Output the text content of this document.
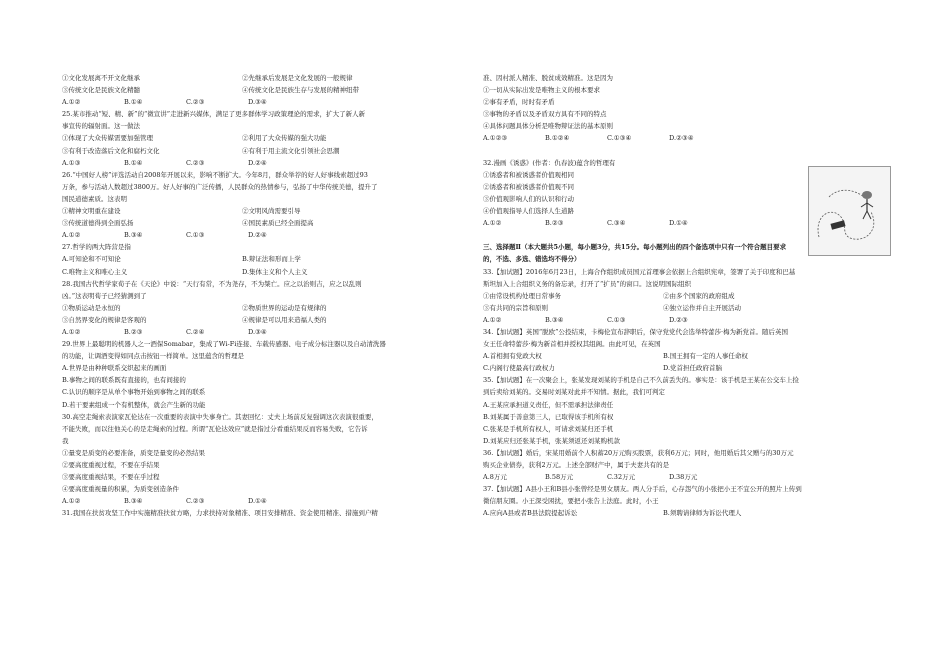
①文化发展离不开文化继承	②先继承后发展是文化发展的一般规律
③传统文化是民族文化精髓	④传统文化是民族生存与发展的精神纽带
A.①②	B.①④	C.②③	D.③④
25.某市推动“短、精、新”的“微宣讲”走进新兴媒体，满足了更多群体学习政策理论的需求，扩大了新人新
事宣传的辐射面。这一做法
①体现了大众传媒需要加强管理	②利用了大众传媒的强大功能
③有利于改造落后文化和腐朽文化	④有利于用主流文化引领社会思潮
A.①③	B.①④	C.②③	D.②④
26.“中国好人榜”评选活动自2008年开展以来，影响不断扩大。今年8月，群众举荐的好人好事线索超过93
万条，参与活动人数超过3800万。好人好事的广泛传播，人民群众的热情参与，弘扬了中华传统美德，提升了
国民道德素质。这表明
①精神文明重在建设	②文明风尚需要引导
③传统道德得到全面弘扬	④国民素质已经全面提高
A.①②	B.③④	C.①③	D.②④
27.哲学的两大阵营是指
A.可知论和不可知论	B.辩证法和形而上学
C.唯物主义和唯心主义	D.集体主义和个人主义
28.我国古代哲学家荀子在《天论》中说：“天行有常，不为尧存，不为桀亡。应之以治则吉，应之以乱则
凶。”这表明荀子已经猜测到了
①物质运动是永恒的	②物质世界的运动是有规律的
③自然界变化的规律是客观的	④规律是可以用来造福人类的
A.①②	B.②③	C.②④	D.③④
29.世界上最聪明的机器人之一酒保Somabar，集成了Wi-Fi连接、车载传感器、电子成分标注器以及自动清洗器
的功能，让调酒变得如同点击按钮一样简单。这里蕴含的哲理是
A.世界是由种种联系交织起来的画面
B.事物之间的联系既有直接的，也有间接的
C.认识的顺序是从单个事物开始到事物之间的联系
D.若干要素组成一个有机整体，就会产生新的功能
30.高空走绳索表演家瓦伦达在一次重要的表演中失事身亡。其妻回忆：丈夫上场前反复强调这次表演很重要，
不能失败，而以往他关心的是走绳索的过程。所谓“瓦伦达效应”就是指过分看重结果反而容易失败，它告诉
我
①量变是质变的必要准备，质变是量变的必然结果
②要高度重视过程，不要在乎结果
③要高度重视结果，不要在乎过程
④要高度重视量的积累，为质变创造条件
A.①②	B.③④	C.②③	D.①④
31.我国在扶贫攻坚工作中实施精准扶贫方略，力求扶持对象精准、项目安排精准、资金使用精准、措施到户精
准、因村派人精准、脱贫成效精准。这是因为
①一切从实际出发是唯物主义的根本要求
②事有矛盾，时时有矛盾
③事物的矛盾以及矛盾双方具有不同的特点
④具体问题具体分析是唯物辩证法的基本原则
A.①②③	B.①②④	C.①③④	D.②③④
32.漫画《诱惑》(作者：仇春波)蕴含的哲理有
①诱惑者和被诱惑者价值观相同
②诱惑者和被诱惑者价值观不同
③价值观影响人们的认识和行动
④价值观指导人们选择人生道路
A.①②	B.②③	C.③④	D.①④
三、选择题Ⅱ（本大题共5小题，每小题3分，共15分。每小题列出的四个备选项中只有一个符合题目要求
的，不选、多选、错选均不得分）
33.【加试题】2016年6月23日，上海合作组织成员国元首理事会依据上合组织宪章，签署了关于印度和巴基
斯坦加入上合组织义务的备忘录，打开了“扩员”的窗口。这说明国际组织
①由常设机构处理日常事务	②由多个国家的政府组成
③有共同的宗旨和原则	④独立运作并自主开展活动
A.①②	B.③④	C.①③	D.②③
34.【加试题】英国“脱欧”公投结束，卡梅伦宣布辞职后，保守党党代会选举特蕾莎·梅为新党首。随后英国
女王任命特蕾莎·梅为新首相并授权其组阁。由此可见，在英国
A.首相拥有党政大权	B.国王拥有一定的人事任命权
C.内阁行使最高行政权力	D.党首担任政府首脑
35.【加试题】在一次聚会上，张某发现刘某的手机是自己不久前丢失的。事实是：该手机是王某在公交车上捡
到后卖给刘某的。交易时刘某对此并不知情。据此，我们可判定
A.王某应承担道义责任，但不需承担法律责任
B.刘某属于善意第三人，已取得该手机所有权
C.张某是手机所有权人，可请求刘某归还手机
D.刘某应归还张某手机，张某须返还刘某购机款
36.【加试题】婚后，宋某用婚前个人积蓄20万元购买股票，获利6万元；同时，他用婚后其父赠与的30万元
购买企业债券，获利2万元。上述全部财产中，属于夫妻共有的是
A.8万元	B.58万元	C.32万元	D.38万元
37.【加试题】A县小王和B县小张曾经是男女朋友。两人分手后，心存怨气的小张把小王不宜公开的照片上传到
微信朋友圈。小王深受困扰，要把小张告上法庭。此时，小王
A.应向A县或者B县法院提起诉讼	B.须聘请律师为诉讼代理人
